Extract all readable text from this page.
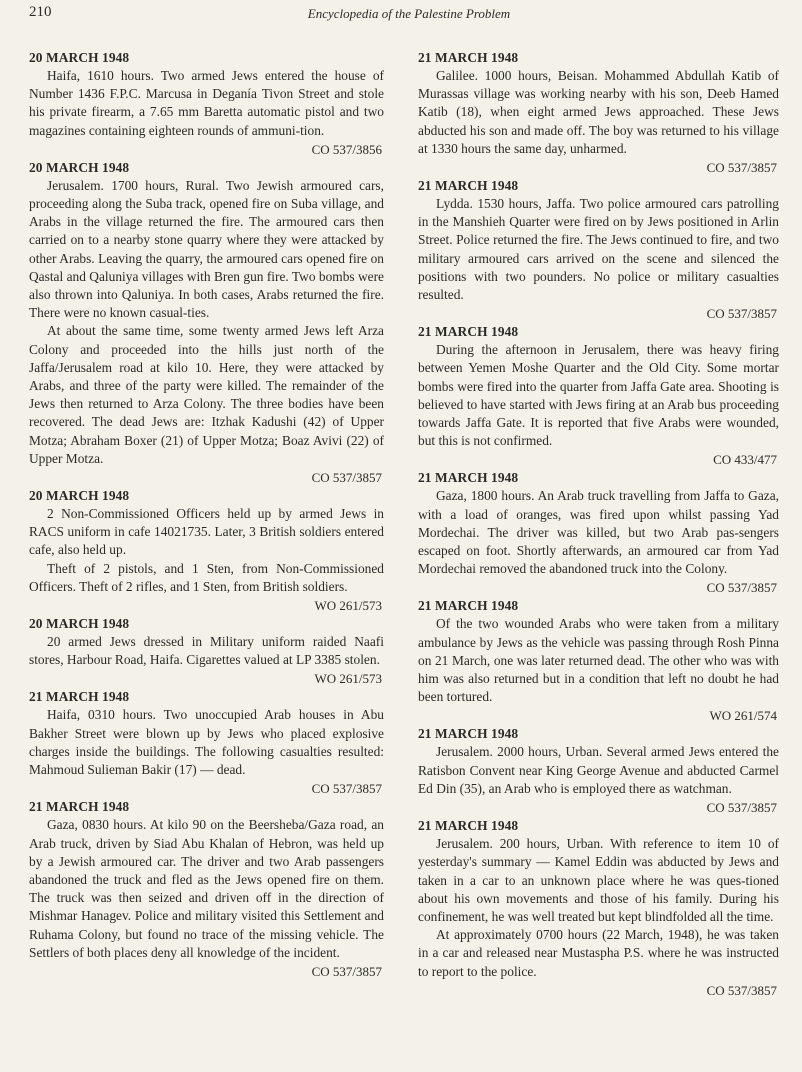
210	Encyclopedia of the Palestine Problem
20 MARCH 1948

Haifa, 1610 hours. Two armed Jews entered the house of Number 1436 F.P.C. Marcusa in Deganía Tivon Street and stole his private firearm, a 7.65 mm Baretta automatic pistol and two magazines containing eighteen rounds of ammuni-tion.

CO 537/3856
20 MARCH 1948

Jerusalem. 1700 hours, Rural. Two Jewish armoured cars, proceeding along the Suba track, opened fire on Suba village, and Arabs in the village returned the fire. The armoured cars then carried on to a nearby stone quarry where they were attacked by other Arabs. Leaving the quarry, the armoured cars opened fire on Qastal and Qaluniya villages with Bren gun fire. Two bombs were also thrown into Qaluniya. In both cases, Arabs returned the fire. There were no known casual-ties.

At about the same time, some twenty armed Jews left Arza Colony and proceeded into the hills just north of the Jaffa/Jerusalem road at kilo 10. Here, they were attacked by Arabs, and three of the party were killed. The remainder of the Jews then returned to Arza Colony. The three bodies have been recovered. The dead Jews are: Itzhak Kadushi (42) of Upper Motza; Abraham Boxer (21) of Upper Motza; Boaz Avivi (22) of Upper Motza.

CO 537/3857
20 MARCH 1948

2 Non-Commissioned Officers held up by armed Jews in RACS uniform in cafe 14021735. Later, 3 British soldiers entered cafe, also held up.

Theft of 2 pistols, and 1 Sten, from Non-Commissioned Officers. Theft of 2 rifles, and 1 Sten, from British soldiers.

WO 261/573
20 MARCH 1948

20 armed Jews dressed in Military uniform raided Naafi stores, Harbour Road, Haifa. Cigarettes valued at LP 3385 stolen.

WO 261/573
21 MARCH 1948

Haifa, 0310 hours. Two unoccupied Arab houses in Abu Bakher Street were blown up by Jews who placed explosive charges inside the buildings. The following casualties resulted: Mahmoud Sulieman Bakir (17) — dead.

CO 537/3857
21 MARCH 1948

Gaza, 0830 hours. At kilo 90 on the Beersheba/Gaza road, an Arab truck, driven by Siad Abu Khalan of Hebron, was held up by a Jewish armoured car. The driver and two Arab passengers abandoned the truck and fled as the Jews opened fire on them. The truck was then seized and driven off in the direction of Mishmar Hanagev. Police and military visited this Settlement and Ruhama Colony, but found no trace of the missing vehicle. The Settlers of both places deny all knowledge of the incident.

CO 537/3857
21 MARCH 1948

Galilee. 1000 hours, Beisan. Mohammed Abdullah Katib of Murassas village was working nearby with his son, Deeb Hamed Katib (18), when eight armed Jews approached. These Jews abducted his son and made off. The boy was returned to his village at 1330 hours the same day, unharmed.

CO 537/3857
21 MARCH 1948

Lydda. 1530 hours, Jaffa. Two police armoured cars patrolling in the Manshieh Quarter were fired on by Jews positioned in Arlin Street. Police returned the fire. The Jews continued to fire, and two military armoured cars arrived on the scene and silenced the positions with two pounders. No police or military casualties resulted.

CO 537/3857
21 MARCH 1948

During the afternoon in Jerusalem, there was heavy firing between Yemen Moshe Quarter and the Old City. Some mortar bombs were fired into the quarter from Jaffa Gate area. Shooting is believed to have started with Jews firing at an Arab bus proceeding towards Jaffa Gate. It is reported that five Arabs were wounded, but this is not confirmed.

CO 433/477
21 MARCH 1948

Gaza, 1800 hours. An Arab truck travelling from Jaffa to Gaza, with a load of oranges, was fired upon whilst passing Yad Mordechai. The driver was killed, but two Arab pas-sengers escaped on foot. Shortly afterwards, an armoured car from Yad Mordechai removed the abandoned truck into the Colony.

CO 537/3857
21 MARCH 1948

Of the two wounded Arabs who were taken from a military ambulance by Jews as the vehicle was passing through Rosh Pinna on 21 March, one was later returned dead. The other who was with him was also returned but in a condition that left no doubt he had been tortured.

WO 261/574
21 MARCH 1948

Jerusalem. 2000 hours, Urban. Several armed Jews entered the Ratisbon Convent near King George Avenue and abducted Carmel Ed Din (35), an Arab who is employed there as watchman.

CO 537/3857
21 MARCH 1948

Jerusalem. 200 hours, Urban. With reference to item 10 of yesterday's summary — Kamel Eddin was abducted by Jews and taken in a car to an unknown place where he was ques-tioned about his own movements and those of his family. During his confinement, he was well treated but kept blindfolded all the time.

At approximately 0700 hours (22 March, 1948), he was taken in a car and released near Mustaspha P.S. where he was instructed to report to the police.

CO 537/3857
